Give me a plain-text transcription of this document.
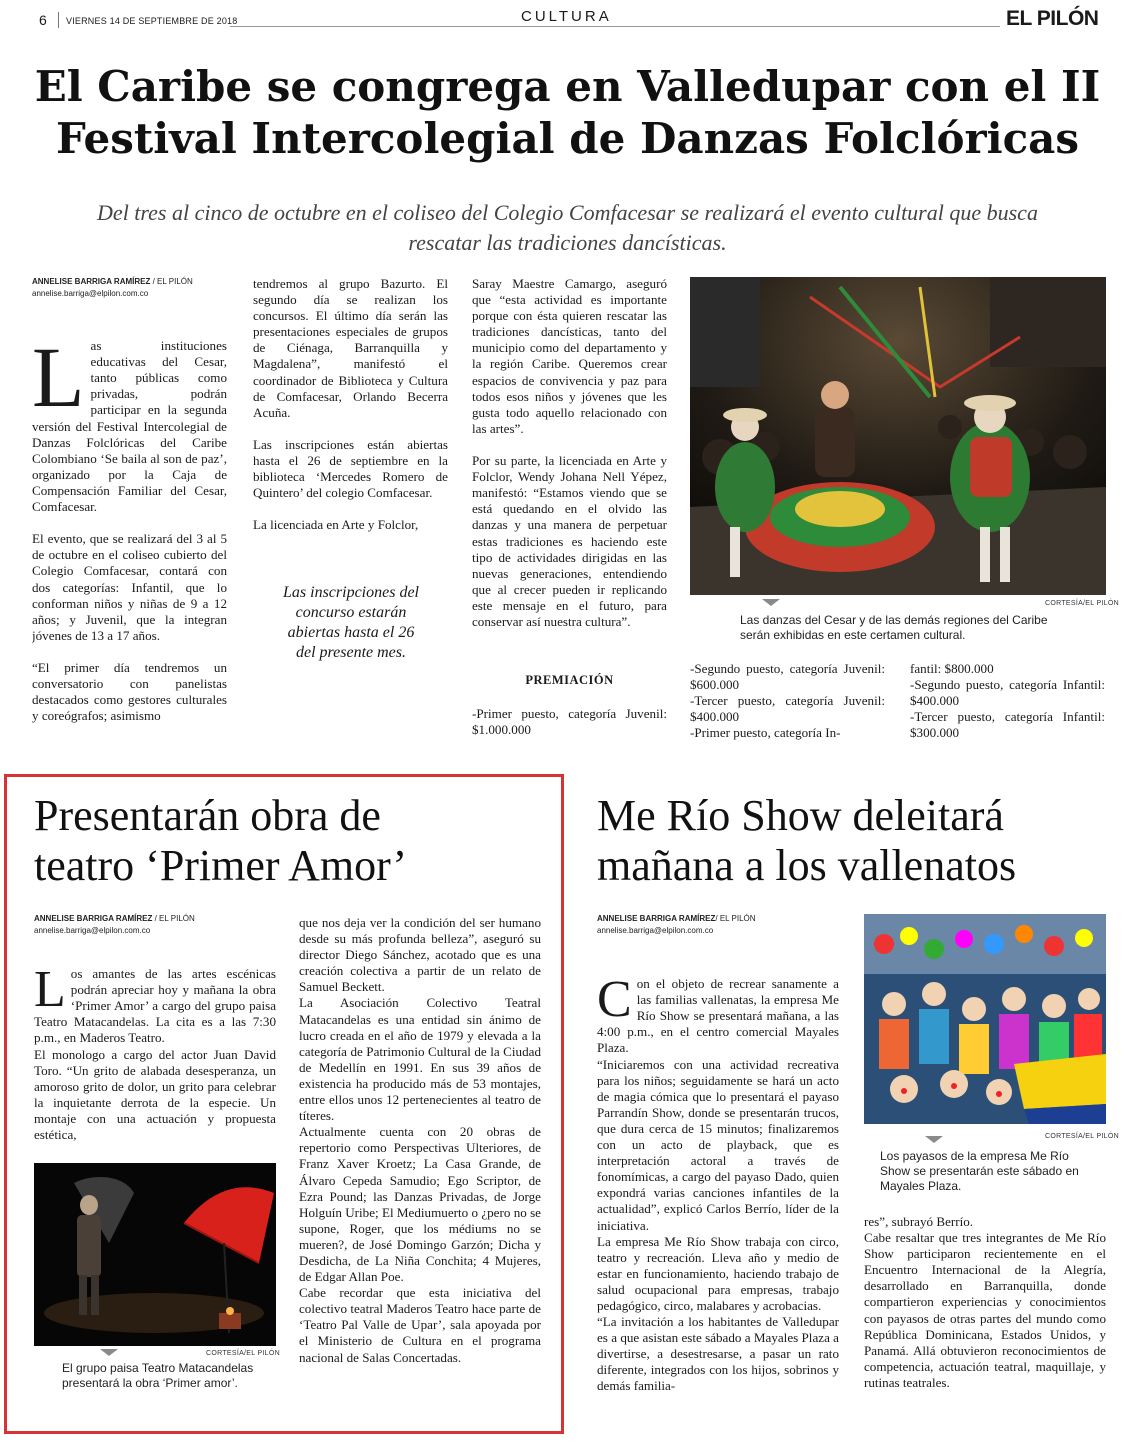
6 VIERNES 14 DE SEPTIEMBRE DE 2018	CULTURA	EL PILÓN
El Caribe se congrega en Valledupar con el II Festival Intercolegial de Danzas Folclóricas
Del tres al cinco de octubre en el coliseo del Colegio Comfacesar se realizará el evento cultural que busca rescatar las tradiciones dancísticas.
ANNELISE BARRIGA RAMÍREZ / EL PILÓN
annelise.barriga@elpilon.com.co

Las instituciones educativas del Cesar, tanto públicas como privadas, podrán participar en la segunda versión del Festival Intercolegial de Danzas Folclóricas del Caribe Colombiano ‘Se baila al son de paz’, organizado por la Caja de Compensación Familiar del Cesar, Comfacesar.

El evento, que se realizará del 3 al 5 de octubre en el coliseo cubierto del Colegio Comfacesar, contará con dos categorías: Infantil, que lo conforman niños y niñas de 9 a 12 años; y Juvenil, que la integran jóvenes de 13 a 17 años.

“El primer día tendremos un conversatorio con panelistas destacados como gestores culturales y coreógrafos; asimismo

tendremos al grupo Bazurto. El segundo día se realizan los concursos. El último día serán las presentaciones especiales de grupos de Ciénaga, Barranquilla y Magdalena”, manifestó el coordinador de Biblioteca y Cultura de Comfacesar, Orlando Becerra Acuña.

Las inscripciones están abiertas hasta el 26 de septiembre en la biblioteca ‘Mercedes Romero de Quintero’ del colegio Comfacesar.

La licenciada en Arte y Folclor,
Las inscripciones del concurso estarán abiertas hasta el 26 del presente mes.
Saray Maestre Camargo, aseguró que “esta actividad es importante porque con ésta quieren rescatar las tradiciones dancísticas, tanto del municipio como del departamento y la región Caribe. Queremos crear espacios de convivencia y paz para todos esos niños y jóvenes que les gusta todo aquello relacionado con las artes”.

Por su parte, la licenciada en Arte y Folclor, Wendy Johana Nell Yépez, manifestó: “Estamos viendo que se está quedando en el olvido las danzas y una manera de perpetuar estas tradiciones es haciendo este tipo de actividades dirigidas en las nuevas generaciones, entendiendo que al crecer pueden ir replicando este mensaje en el futuro, para conservar así nuestra cultura”.
PREMIACIÓN
-Primer puesto, categoría Juvenil: $1.000.000
CORTESÍA/EL PILÓN
Las danzas del Cesar y de las demás regiones del Caribe serán exhibidas en este certamen cultural.
-Segundo puesto, categoría Juvenil: $600.000
-Tercer puesto, categoría Juvenil: $400.000
-Primer puesto, categoría In-
fantil: $800.000
-Segundo puesto, categoría Infantil: $400.000
-Tercer puesto, categoría Infantil: $300.000
Presentarán obra de teatro ‘Primer Amor’
ANNELISE BARRIGA RAMÍREZ / EL PILÓN
annelise.barriga@elpilon.com.co

Los amantes de las artes escénicas podrán apreciar hoy y mañana la obra ‘Primer Amor’ a cargo del grupo paisa Teatro Matacandelas. La cita es a las 7:30 p.m., en Maderos Teatro.
El monologo a cargo del actor Juan David Toro. “Un grito de alabada desesperanza, un amoroso grito de dolor, un grito para celebrar la inquietante derrota de la especie. Un montaje con una actuación y propuesta estética,

CORTESÍA/EL PILÓN
El grupo paisa Teatro Matacandelas presentará la obra ‘Primer amor’.
que nos deja ver la condición del ser humano desde su más profunda belleza”, aseguró su director Diego Sánchez, acotado que es una creación colectiva a partir de un relato de Samuel Beckett.
La Asociación Colectivo Teatral Matacandelas es una entidad sin ánimo de lucro creada en el año de 1979 y elevada a la categoría de Patrimonio Cultural de la Ciudad de Medellín en 1991. En sus 39 años de existencia ha producido más de 53 montajes, entre ellos unos 12 pertenecientes al teatro de títeres.
Actualmente cuenta con 20 obras de repertorio como Perspectivas Ulteriores, de Franz Xaver Kroetz; La Casa Grande, de Álvaro Cepeda Samudio; Ego Scriptor, de Ezra Pound; las Danzas Privadas, de Jorge Holguín Uribe; El Mediumuerto o ¿pero no se supone, Roger, que los médiums no se mueren?, de José Domingo Garzón; Dicha y Desdicha, de La Niña Conchita; 4 Mujeres, de Edgar Allan Poe.
Cabe recordar que esta iniciativa del colectivo teatral Maderos Teatro hace parte de ‘Teatro Pal Valle de Upar’, sala apoyada por el Ministerio de Cultura en el programa nacional de Salas Concertadas.
Me Río Show deleitará mañana a los vallenatos
ANNELISE BARRIGA RAMÍREZ/ EL PILÓN
annelise.barriga@elpilon.com.co

Con el objeto de recrear sanamente a las familias vallenatas, la empresa Me Río Show se presentará mañana, a las 4:00 p.m., en el centro comercial Mayales Plaza.
“Iniciaremos con una actividad recreativa para los niños; seguidamente se hará un acto de magia cómica que lo presentará el payaso Parrandín Show, donde se presentarán trucos, que dura cerca de 15 minutos; finalizaremos con un acto de playback, que es interpretación actoral a través de fonomímicas, a cargo del payaso Dado, quien expondrá varias canciones infantiles de la actualidad”, explicó Carlos Berrío, líder de la iniciativa.
La empresa Me Río Show trabaja con circo, teatro y recreación. Lleva año y medio de estar en funcionamiento, haciendo trabajo de salud ocupacional para empresas, trabajo pedagógico, circo, malabares y acrobacias.
“La invitación a los habitantes de Valledupar es a que asistan este sábado a Mayales Plaza a divertirse, a desestresarse, a pasar un rato diferente, integrados con los hijos, sobrinos y demás familia-

CORTESÍA/EL PILÓN
Los payasos de la empresa Me Río Show se presentarán este sábado en Mayales Plaza.
res”, subrayó Berrío.
Cabe resaltar que tres integrantes de Me Río Show participaron recientemente en el Encuentro Internacional de la Alegría, desarrollado en Barranquilla, donde compartieron experiencias y conocimientos con payasos de otras partes del mundo como República Dominicana, Estados Unidos, y Panamá. Allá obtuvieron reconocimientos de competencia, actuación teatral, maquillaje, y rutinas teatrales.
